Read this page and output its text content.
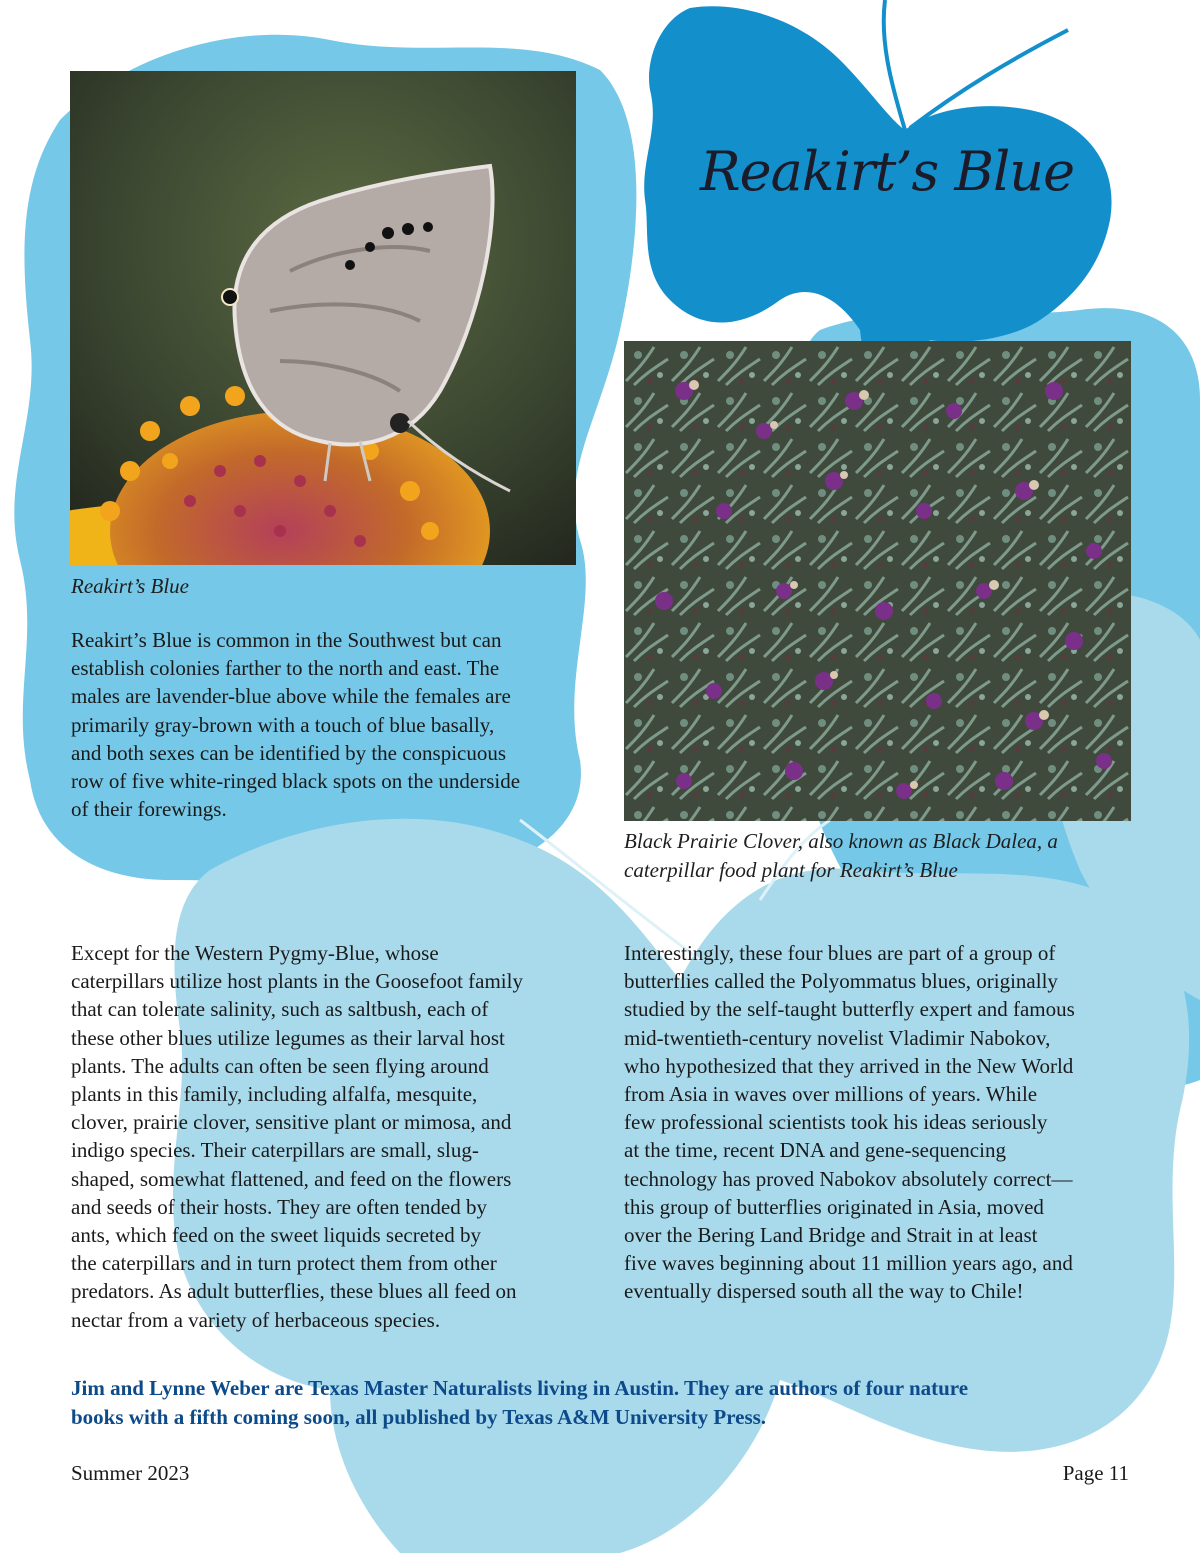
Reakirt’s Blue

Reakirt’s Blue

Reakirt’s Blue is common in the Southwest but can
establish colonies farther to the north and east. The
males are lavender-blue above while the females are
primarily gray-brown with a touch of blue basally,
and both sexes can be identified by the conspicuous
row of five white-ringed black spots on the underside
of their forewings.

Black Prairie Clover, also known as Black Dalea, a
caterpillar food plant for Reakirt’s Blue

Except for the Western Pygmy-Blue, whose
caterpillars utilize host plants in the Goosefoot family
that can tolerate salinity, such as saltbush, each of
these other blues utilize legumes as their larval host
plants. The adults can often be seen flying around
plants in this family, including alfalfa, mesquite,
clover, prairie clover, sensitive plant or mimosa, and
indigo species. Their caterpillars are small, slug-
shaped, somewhat flattened, and feed on the flowers
and seeds of their hosts. They are often tended by
ants, which feed on the sweet liquids secreted by
the caterpillars and in turn protect them from other
predators. As adult butterflies, these blues all feed on
nectar from a variety of herbaceous species.

Interestingly, these four blues are part of a group of
butterflies called the Polyommatus blues, originally
studied by the self-taught butterfly expert and famous
mid-twentieth-century novelist Vladimir Nabokov,
who hypothesized that they arrived in the New World
from Asia in waves over millions of years. While
few professional scientists took his ideas seriously
at the time, recent DNA and gene-sequencing
technology has proved Nabokov absolutely correct—
this group of butterflies originated in Asia, moved
over the Bering Land Bridge and Strait in at least
five waves beginning about 11 million years ago, and
eventually dispersed south all the way to Chile!

Jim and Lynne Weber are Texas Master Naturalists living in Austin. They are authors of four nature
books with a fifth coming soon, all published by Texas A&M University Press.

Summer 2023	Page 11
